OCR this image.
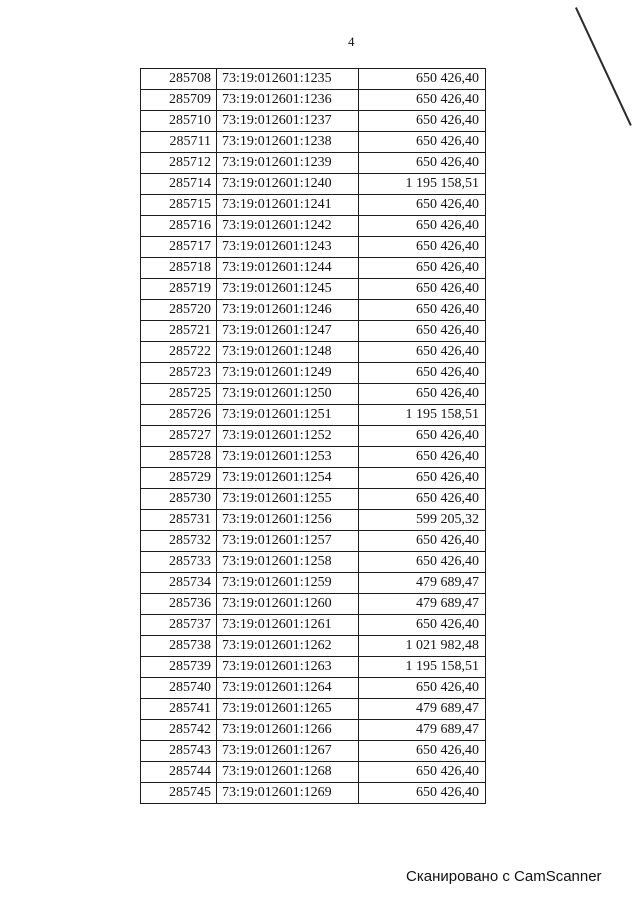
4
285708	73:19:012601:1235	650 426,40
285709	73:19:012601:1236	650 426,40
285710	73:19:012601:1237	650 426,40
285711	73:19:012601:1238	650 426,40
285712	73:19:012601:1239	650 426,40
285714	73:19:012601:1240	1 195 158,51
285715	73:19:012601:1241	650 426,40
285716	73:19:012601:1242	650 426,40
285717	73:19:012601:1243	650 426,40
285718	73:19:012601:1244	650 426,40
285719	73:19:012601:1245	650 426,40
285720	73:19:012601:1246	650 426,40
285721	73:19:012601:1247	650 426,40
285722	73:19:012601:1248	650 426,40
285723	73:19:012601:1249	650 426,40
285725	73:19:012601:1250	650 426,40
285726	73:19:012601:1251	1 195 158,51
285727	73:19:012601:1252	650 426,40
285728	73:19:012601:1253	650 426,40
285729	73:19:012601:1254	650 426,40
285730	73:19:012601:1255	650 426,40
285731	73:19:012601:1256	599 205,32
285732	73:19:012601:1257	650 426,40
285733	73:19:012601:1258	650 426,40
285734	73:19:012601:1259	479 689,47
285736	73:19:012601:1260	479 689,47
285737	73:19:012601:1261	650 426,40
285738	73:19:012601:1262	1 021 982,48
285739	73:19:012601:1263	1 195 158,51
285740	73:19:012601:1264	650 426,40
285741	73:19:012601:1265	479 689,47
285742	73:19:012601:1266	479 689,47
285743	73:19:012601:1267	650 426,40
285744	73:19:012601:1268	650 426,40
285745	73:19:012601:1269	650 426,40
Сканировано с CamScanner
